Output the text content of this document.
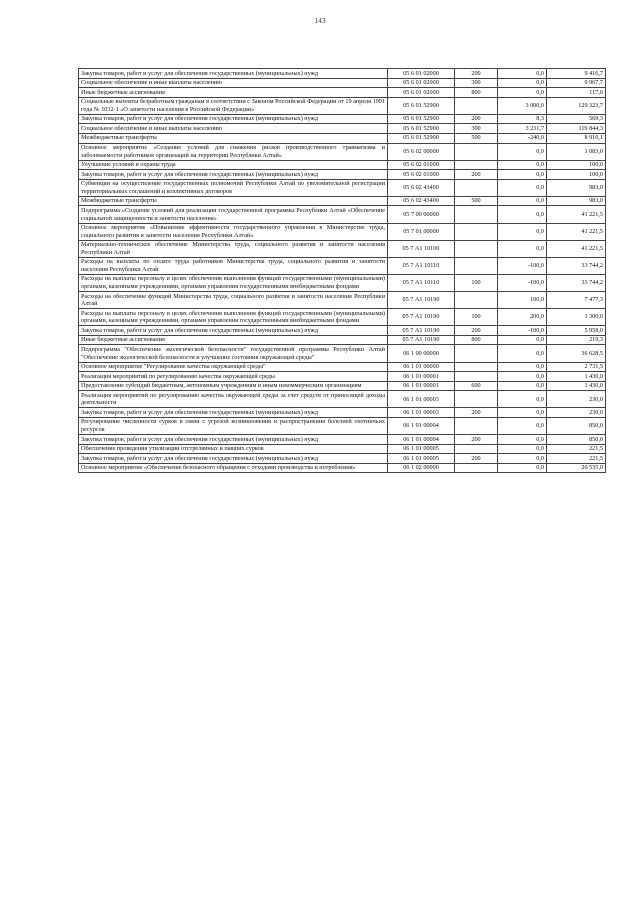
143
Закупка товаров, работ и услуг для обеспечения государственных (муниципальных) нужд	05 6 01 02000	200	0,0	9 416,7
Социальное обеспечение и иные выплаты населению	05 6 01 02000	300	0,0	9 967,7
Иные бюджетные ассигнования	05 6 01 02000	800	0,0	117,6
Социальные выплаты безработным гражданам в соответствии с Законом Российской Федерации от 19 апреля 1991 года № 1032-1 «О занятости населения в Российской Федерации»	05 6 01 52900		3 000,0	129 323,7
Закупка товаров, работ и услуг для обеспечения государственных (муниципальных) нужд	05 6 01 52900	200	8,3	569,3
Социальное обеспечение и иные выплаты населению	05 6 01 52900	300	3 231,7	119 844,3
Межбюджетные трансферты	05 6 01 52900	500	-240,0	8 910,1
Основное мероприятие «Создание условий для снижения рисков производственного травматизма и заболеваемости работников организаций на территории Республики Алтай»	05 6 02 00000		0,0	1 083,0
Улучшение условий и охраны труда	05 6 02 01000		0,0	100,0
Закупка товаров, работ и услуг для обеспечения государственных (муниципальных) нужд	05 6 02 01000	200	0,0	100,0
Субвенции на осуществление государственных полномочий Республики Алтай по увеломительной регистрации территориальных соглашений и коллективных договоров	05 6 02 43400		0,0	983,0
Межбюджетные трансферты	05 6 02 43400	500	0,0	983,0
Подпрограмма «Создание условий для реализации государственной программы Республики Алтай «Обеспечение социальной защищенности и занятости населения»	05 7 00 00000		0,0	41 221,5
Основное мероприятие «Повышение эффективности государственного управления в Министерстве труда, социального развития и занятости населения Республики Алтай»	05 7 01 00000		0,0	41 221,5
Материально-техническое обеспечение Министерства труда, социального развития и занятости населения Республики Алтай	05 7 А1 10100		0,0	41 221,5
Расходы на выплаты по оплате труда работников Министерства труда, социального развития и занятости населения Республики Алтай	05 7 А1 10110		-100,0	33 744,2
Расходы на выплаты персоналу в целях обеспечения выполнения функций государственными (муниципальными) органами, казенными учреждениями, органами управления государственными внебюджетными фондами	05 7 А1 10110	100	-100,0	33 744,2
Расходы на обеспечение функций Министерства труда, социального развития и занятости населения Республики Алтай	05 7 А1 10190		100,0	7 477,3
Расходы на выплаты персоналу в целях обеспечения выполнения функций государственными (муниципальными) органами, казенными учреждениями, органами управления государственными внебюджетными фондами	05 7 А1 10190	100	200,0	1 300,0
Закупка товаров, работ и услуг для обеспечения государственных (муниципальных) нужд	05 7 А1 10190	200	-100,0	5 958,0
Иные бюджетные ассигнования	05 7 А1 10190	800	0,0	219,3
Подпрограмма "Обеспечение экологической безопасности" государственной программы Республики Алтай "Обеспечение экологической безопасности и улучшение состояния окружающей среды"	06 1 00 00000		0,0	36 628,5
Основное мероприятие "Регулирование качества окружающей среды"	06 1 01 00000		0,0	2 731,5
Реализация мероприятий по регулированию качества окружающей среды	06 1 01 00001		0,0	1 430,0
Предоставление субсидий бюджетным, автономным учреждениям и иным некоммерческим организациям	06 1 01 00001	600	0,0	1 430,0
Реализация мероприятий по регулированию качества окружающей среды за счет средств от приносящей доходы деятельности	06 1 01 00003		0,0	230,0
Закупка товаров, работ и услуг для обеспечения государственных (муниципальных) нужд	06 1 01 00003	200	0,0	230,0
Регулирование численности сурков в связи с угрозой возникновения и распространения болезней охотничьих ресурсов	06 1 01 00004		0,0	850,0
Закупка товаров, работ и услуг для обеспечения государственных (муниципальных) нужд	06 1 01 00004	200	0,0	850,0
Обеспечение проведения утилизации отстрелянных и павших сурков	06 1 01 00005		0,0	221,5
Закупка товаров, работ и услуг для обеспечения государственных (муниципальных) нужд	06 1 01 00005	200	0,0	221,5
Основное мероприятие «Обеспечение безопасного обращения с отходами производства и потребления»	06 1 02 00000		0,0	20 535,0
